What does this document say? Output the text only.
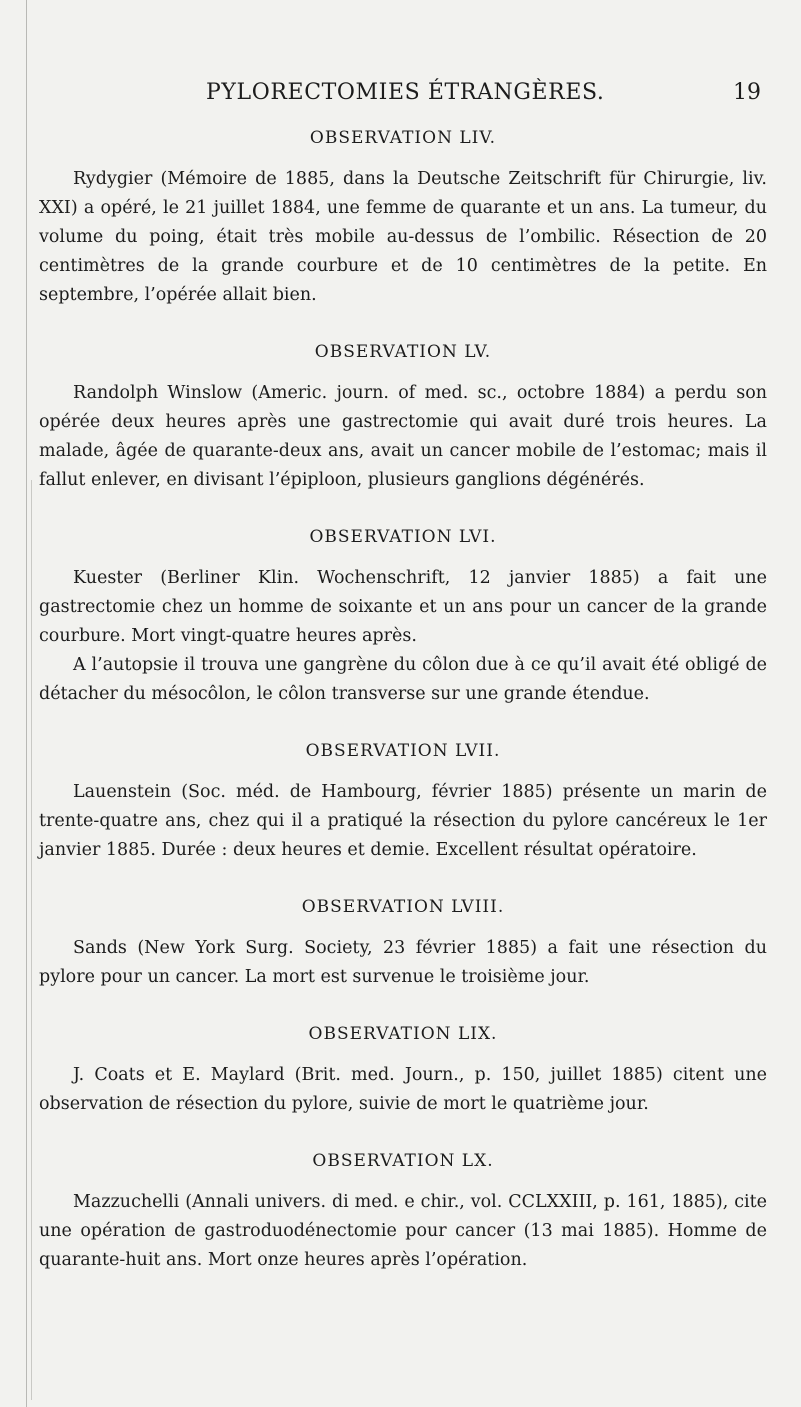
PYLORECTOMIES ÉTRANGÈRES.	19
OBSERVATION LIV.

Rydygier (Mémoire de 1885, dans la Deutsche Zeitschrift für Chirurgie, liv. XXI) a opéré, le 21 juillet 1884, une femme de quarante et un ans. La tumeur, du volume du poing, était très mobile au-dessus de l’ombilic. Résection de 20 centimètres de la grande courbure et de 10 centimètres de la petite. En septembre, l’opérée allait bien.

OBSERVATION LV.

Randolph Winslow (Americ. journ. of med. sc., octobre 1884) a perdu son opérée deux heures après une gastrectomie qui avait duré trois heures. La malade, âgée de quarante-deux ans, avait un cancer mobile de l’estomac; mais il fallut enlever, en divisant l’épiploon, plusieurs ganglions dégénérés.

OBSERVATION LVI.

Kuester (Berliner Klin. Wochenschrift, 12 janvier 1885) a fait une gastrectomie chez un homme de soixante et un ans pour un cancer de la grande courbure. Mort vingt-quatre heures après.

A l’autopsie il trouva une gangrène du côlon due à ce qu’il avait été obligé de détacher du mésocôlon, le côlon transverse sur une grande étendue.

OBSERVATION LVII.

Lauenstein (Soc. méd. de Hambourg, février 1885) présente un marin de trente-quatre ans, chez qui il a pratiqué la résection du pylore cancéreux le 1er janvier 1885. Durée : deux heures et demie. Excellent résultat opératoire.

OBSERVATION LVIII.

Sands (New York Surg. Society, 23 février 1885) a fait une résection du pylore pour un cancer. La mort est survenue le troisième jour.

OBSERVATION LIX.

J. Coats et E. Maylard (Brit. med. Journ., p. 150, juillet 1885) citent une observation de résection du pylore, suivie de mort le quatrième jour.

OBSERVATION LX.

Mazzuchelli (Annali univers. di med. e chir., vol. CCLXXIII, p. 161, 1885), cite une opération de gastroduodénectomie pour cancer (13 mai 1885). Homme de quarante-huit ans. Mort onze heures après l’opération.
